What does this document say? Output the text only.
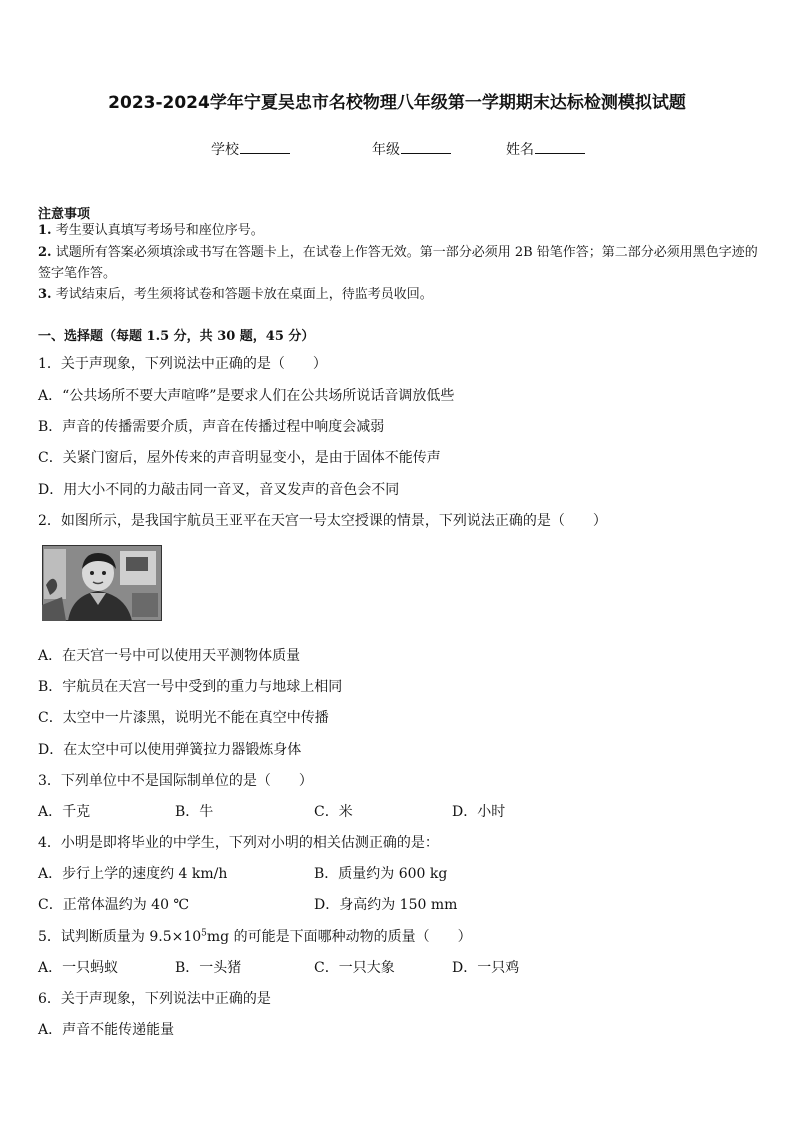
2023-2024学年宁夏吴忠市名校物理八年级第一学期期末达标检测模拟试题
学校	年级	姓名
注意事项
1. 考生要认真填写考场号和座位序号。
2. 试题所有答案必须填涂或书写在答题卡上，在试卷上作答无效。第一部分必须用 2B 铅笔作答；第二部分必须用黑色字迹的签字笔作答。
3. 考试结束后，考生须将试卷和答题卡放在桌面上，待监考员收回。
一、选择题（每题 1.5 分，共 30 题，45 分）
1．关于声现象，下列说法中正确的是（　　）
A．“公共场所不要大声喧哗”是要求人们在公共场所说话音调放低些
B．声音的传播需要介质，声音在传播过程中响度会减弱
C．关紧门窗后，屋外传来的声音明显变小，是由于固体不能传声
D．用大小不同的力敲击同一音叉，音叉发声的音色会不同
2．如图所示，是我国宇航员王亚平在天宫一号太空授课的情景，下列说法正确的是（　　）
A．在天宫一号中可以使用天平测物体质量
B．宇航员在天宫一号中受到的重力与地球上相同
C．太空中一片漆黑，说明光不能在真空中传播
D．在太空中可以使用弹簧拉力器锻炼身体
3．下列单位中不是国际制单位的是（　　）
A．千克	B．牛	C．米	D．小时
4．小明是即将毕业的中学生，下列对小明的相关估测正确的是：
A．步行上学的速度约 4 km/h	B．质量约为 600 kg
C．正常体温约为 40 ℃	D．身高约为 150 mm
5．试判断质量为 $9.5\times 10^5mg$ 的可能是下面哪种动物的质量（　　）
A．一只蚂蚁	B．一头猪	C．一只大象	D．一只鸡
6．关于声现象，下列说法中正确的是
A．声音不能传递能量
